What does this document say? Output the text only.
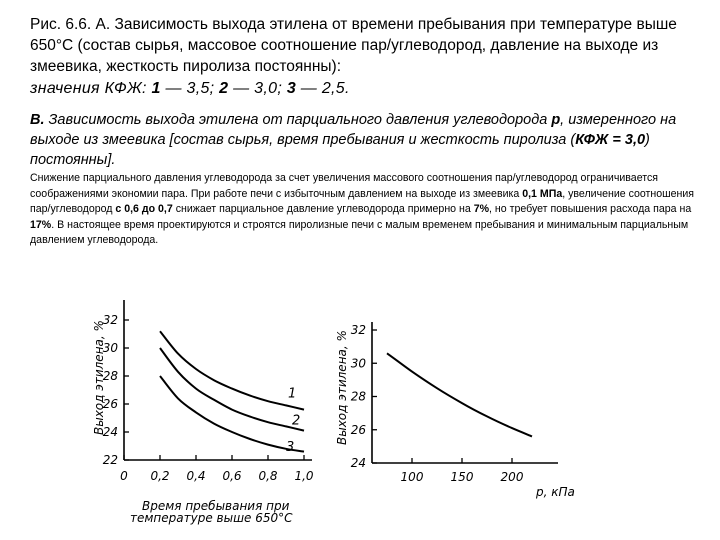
Рис. 6.6. А. Зависимость выхода этилена от времени пребывания при температуре выше 650°С (состав сырья, массовое соотношение пар/углеводород, давление на выходе из змеевика, жесткость пиролиза постоянны):
значения КФЖ: 1 — 3,5; 2 — 3,0; 3 — 2,5.
В. Зависимость выхода этилена от парциального давления углеводорода p, измеренного на выходе из змеевика [состав сырья, время пребывания и жесткость пиролиза (КФЖ = 3,0) постоянны].
Снижение парциального давления углеводорода за счет увеличения массового соотношения пар/углеводород ограничивается соображениями экономии пара. При работе печи с избыточным давлением на выходе из змеевика 0,1 МПа, увеличение соотношения пар/углеводород с 0,6 до 0,7 снижает парциальное давление углеводорода примерно на 7%, но требует повышения расхода пара на 17%. В настоящее время проектируются и строятся пиролизные печи с малым временем пребывания и минимальным парциальным давлением углеводорода.
Время пребывания при
температуре выше 650°С
Выход этилена, %
22
24
26
28
30
32
0 0,2 0,4 0,6 0,8 1,0
1
2
3
Выход этилена, %
p, кПа
24
26
28
30
32
100 150 200
